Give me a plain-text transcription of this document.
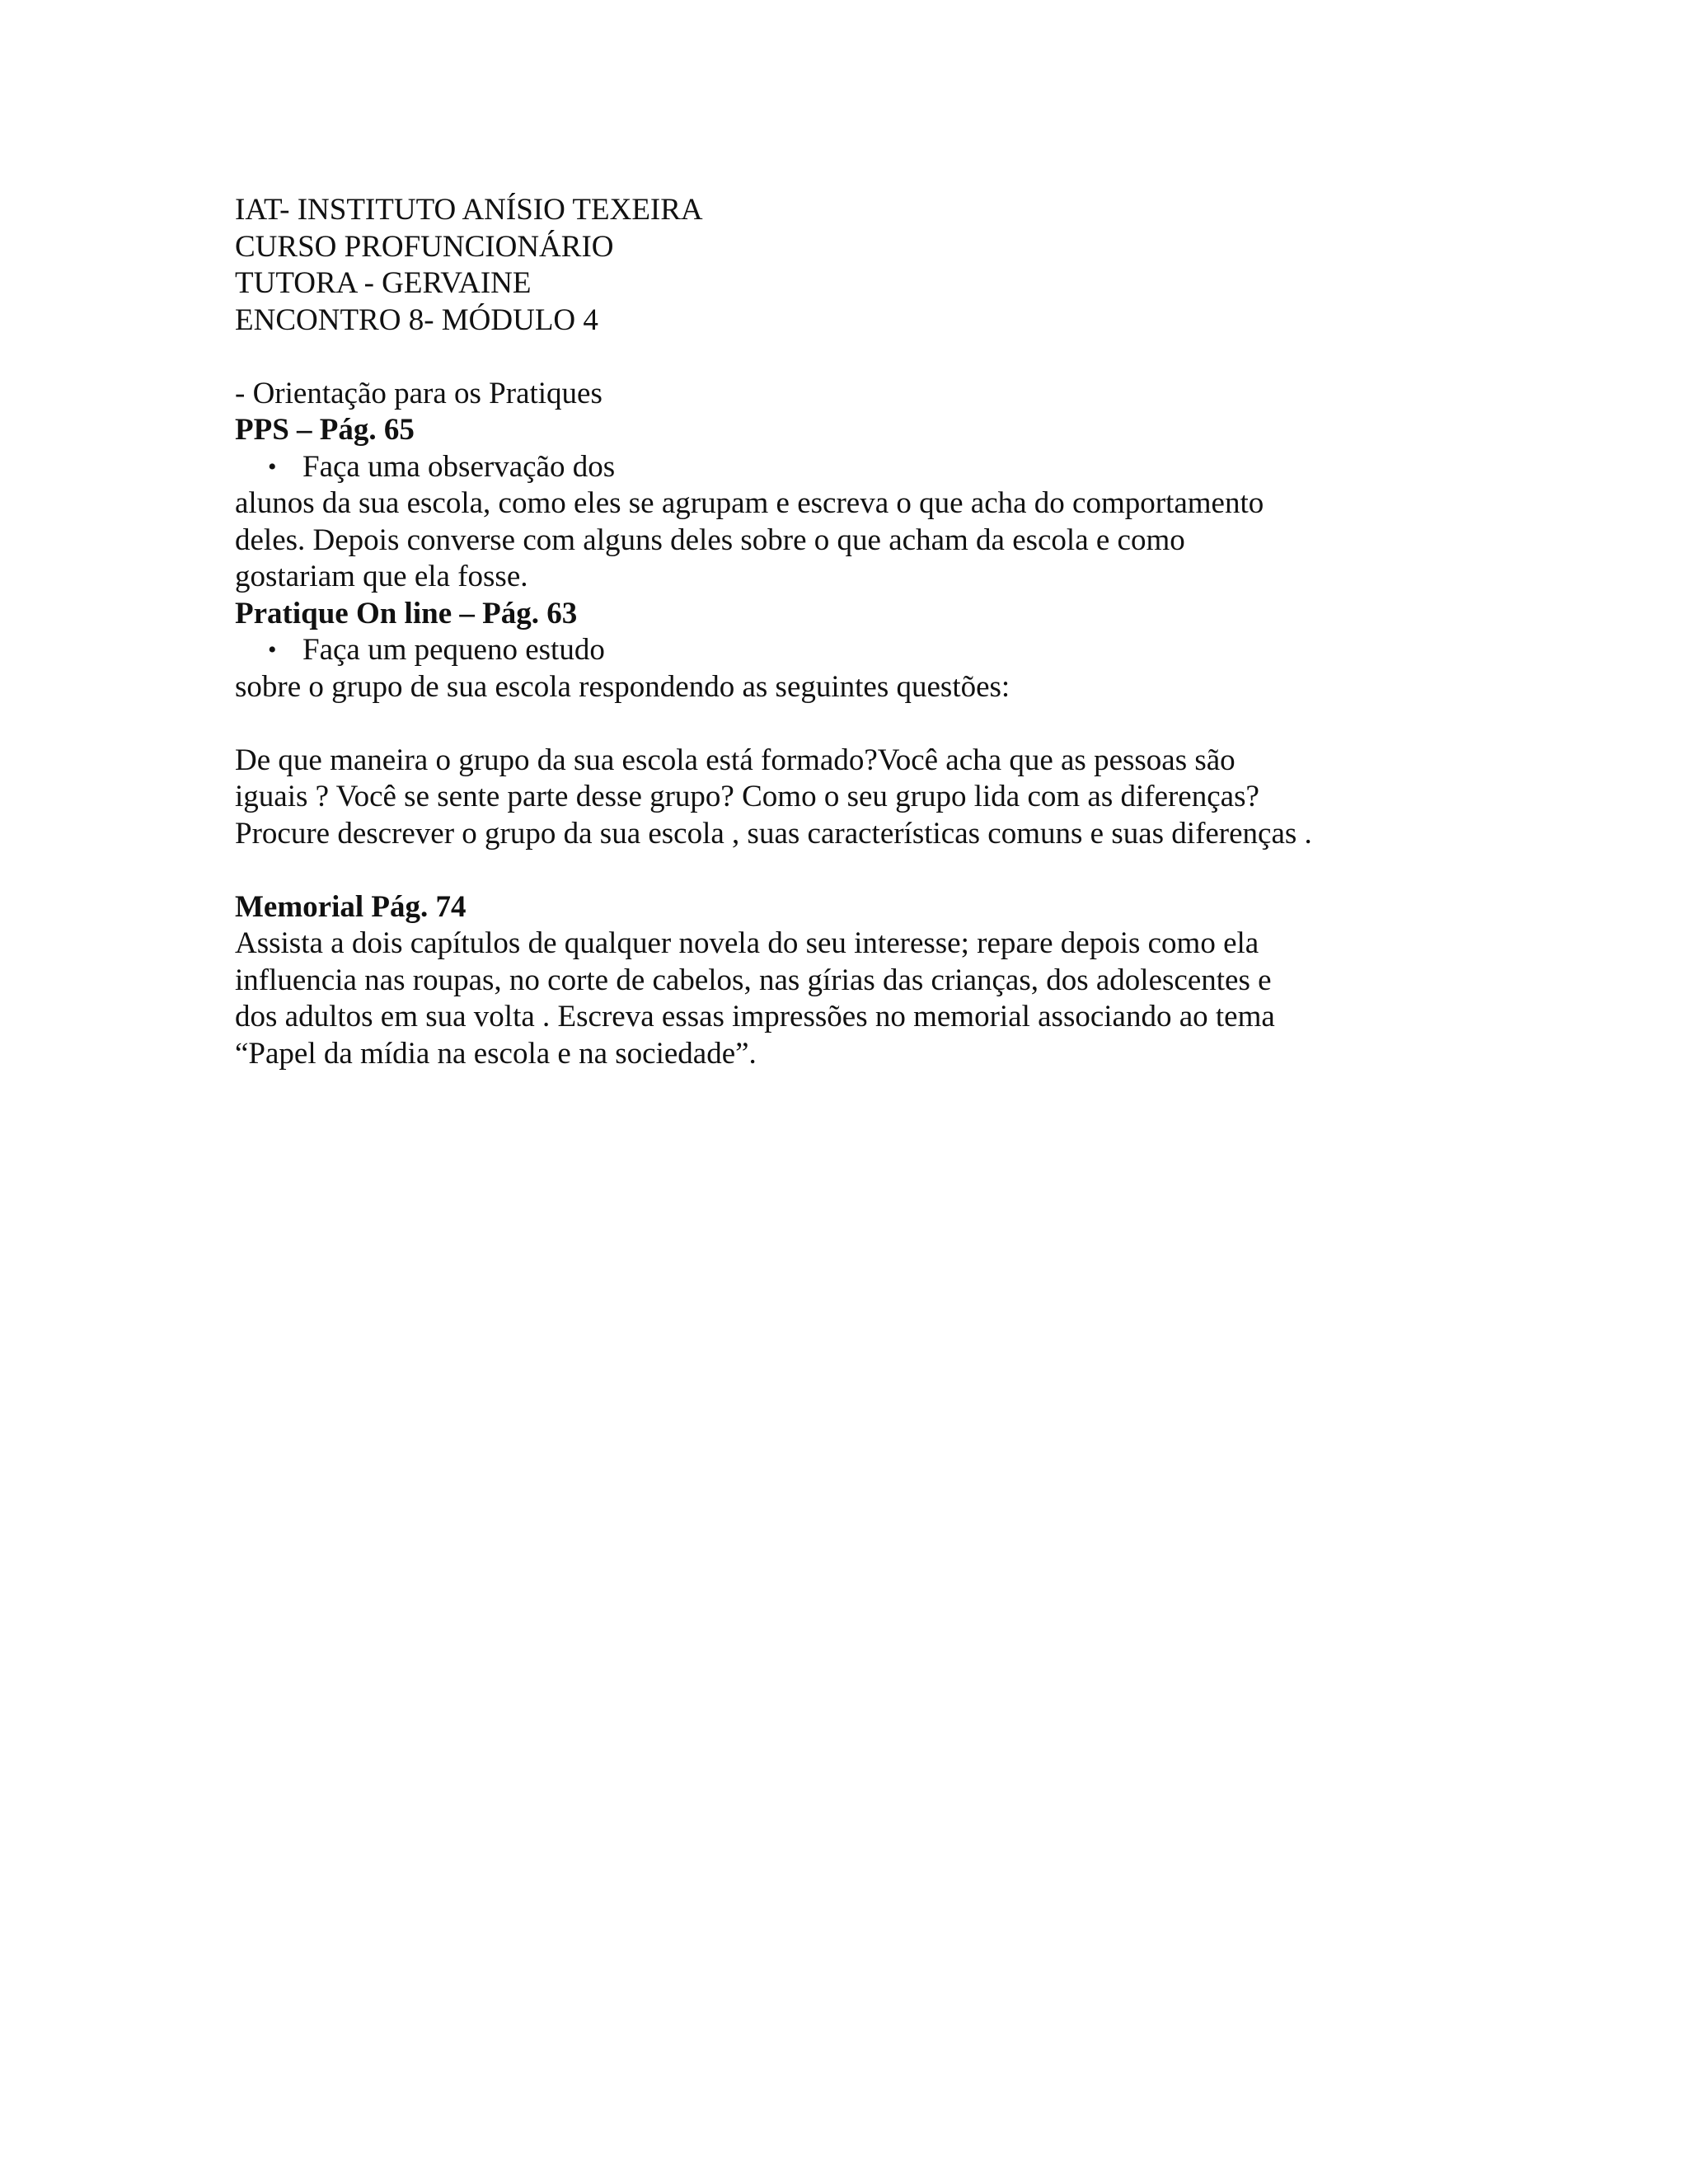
IAT- INSTITUTO ANÍSIO TEXEIRA
CURSO PROFUNCIONÁRIO
TUTORA - GERVAINE
ENCONTRO 8- MÓDULO 4
- Orientação para os Pratiques
PPS – Pág. 65
• Faça uma observação dos
alunos da sua escola, como eles se agrupam e escreva o que acha do comportamento
deles. Depois converse com alguns deles sobre o que acham da escola e como
gostariam que ela fosse.
Pratique On line – Pág. 63
• Faça um pequeno estudo
sobre o grupo de sua escola respondendo as seguintes questões:
De que maneira o grupo da sua escola está formado?Você acha que as pessoas são
iguais ? Você se sente parte desse grupo? Como o seu grupo lida com as diferenças?
Procure descrever o grupo da sua escola , suas características comuns e suas diferenças .
Memorial Pág. 74
Assista a dois capítulos de qualquer novela do seu interesse; repare depois como ela
influencia nas roupas, no corte de cabelos, nas gírias das crianças, dos adolescentes e
dos adultos em sua volta . Escreva essas impressões no memorial associando ao tema
“Papel da mídia na escola e na sociedade”.
